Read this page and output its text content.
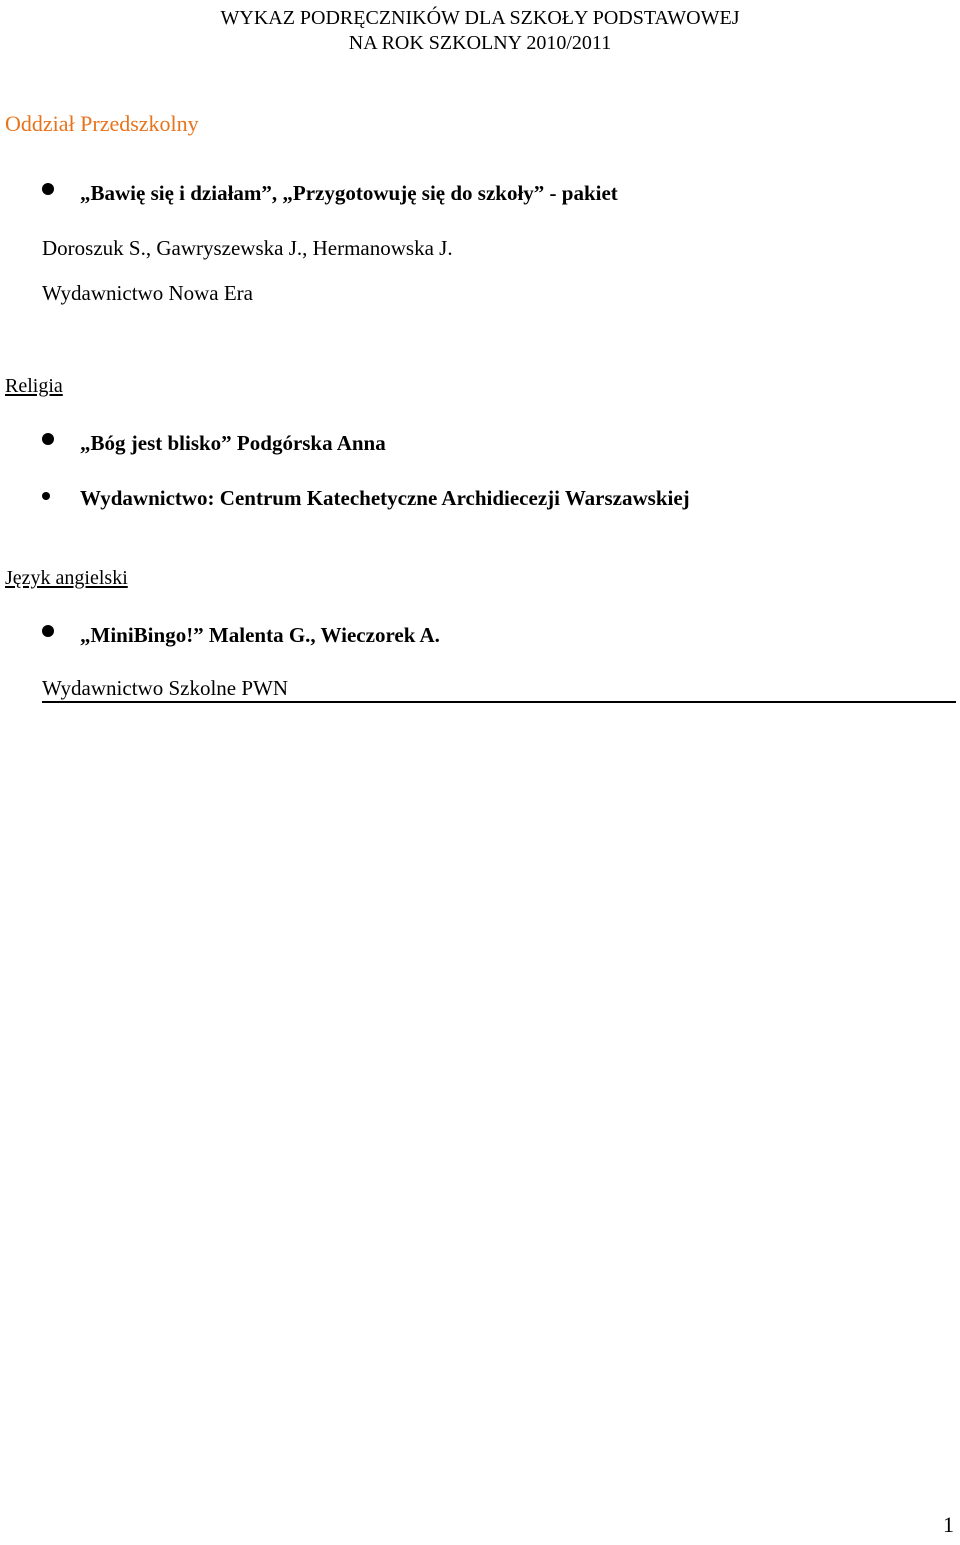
WYKAZ PODRĘCZNIKÓW DLA SZKOŁY PODSTAWOWEJ
NA ROK SZKOLNY 2010/2011
Oddział Przedszkolny
„Bawię się i działam”, „Przygotowuję się do szkoły” - pakiet
Doroszuk S., Gawryszewska J., Hermanowska J.
Wydawnictwo Nowa Era
Religia
„Bóg jest blisko” Podgórska Anna
Wydawnictwo: Centrum Katechetyczne Archidiecezji Warszawskiej
Język angielski
„MiniBingo!” Malenta G., Wieczorek A.
Wydawnictwo Szkolne PWN
1
